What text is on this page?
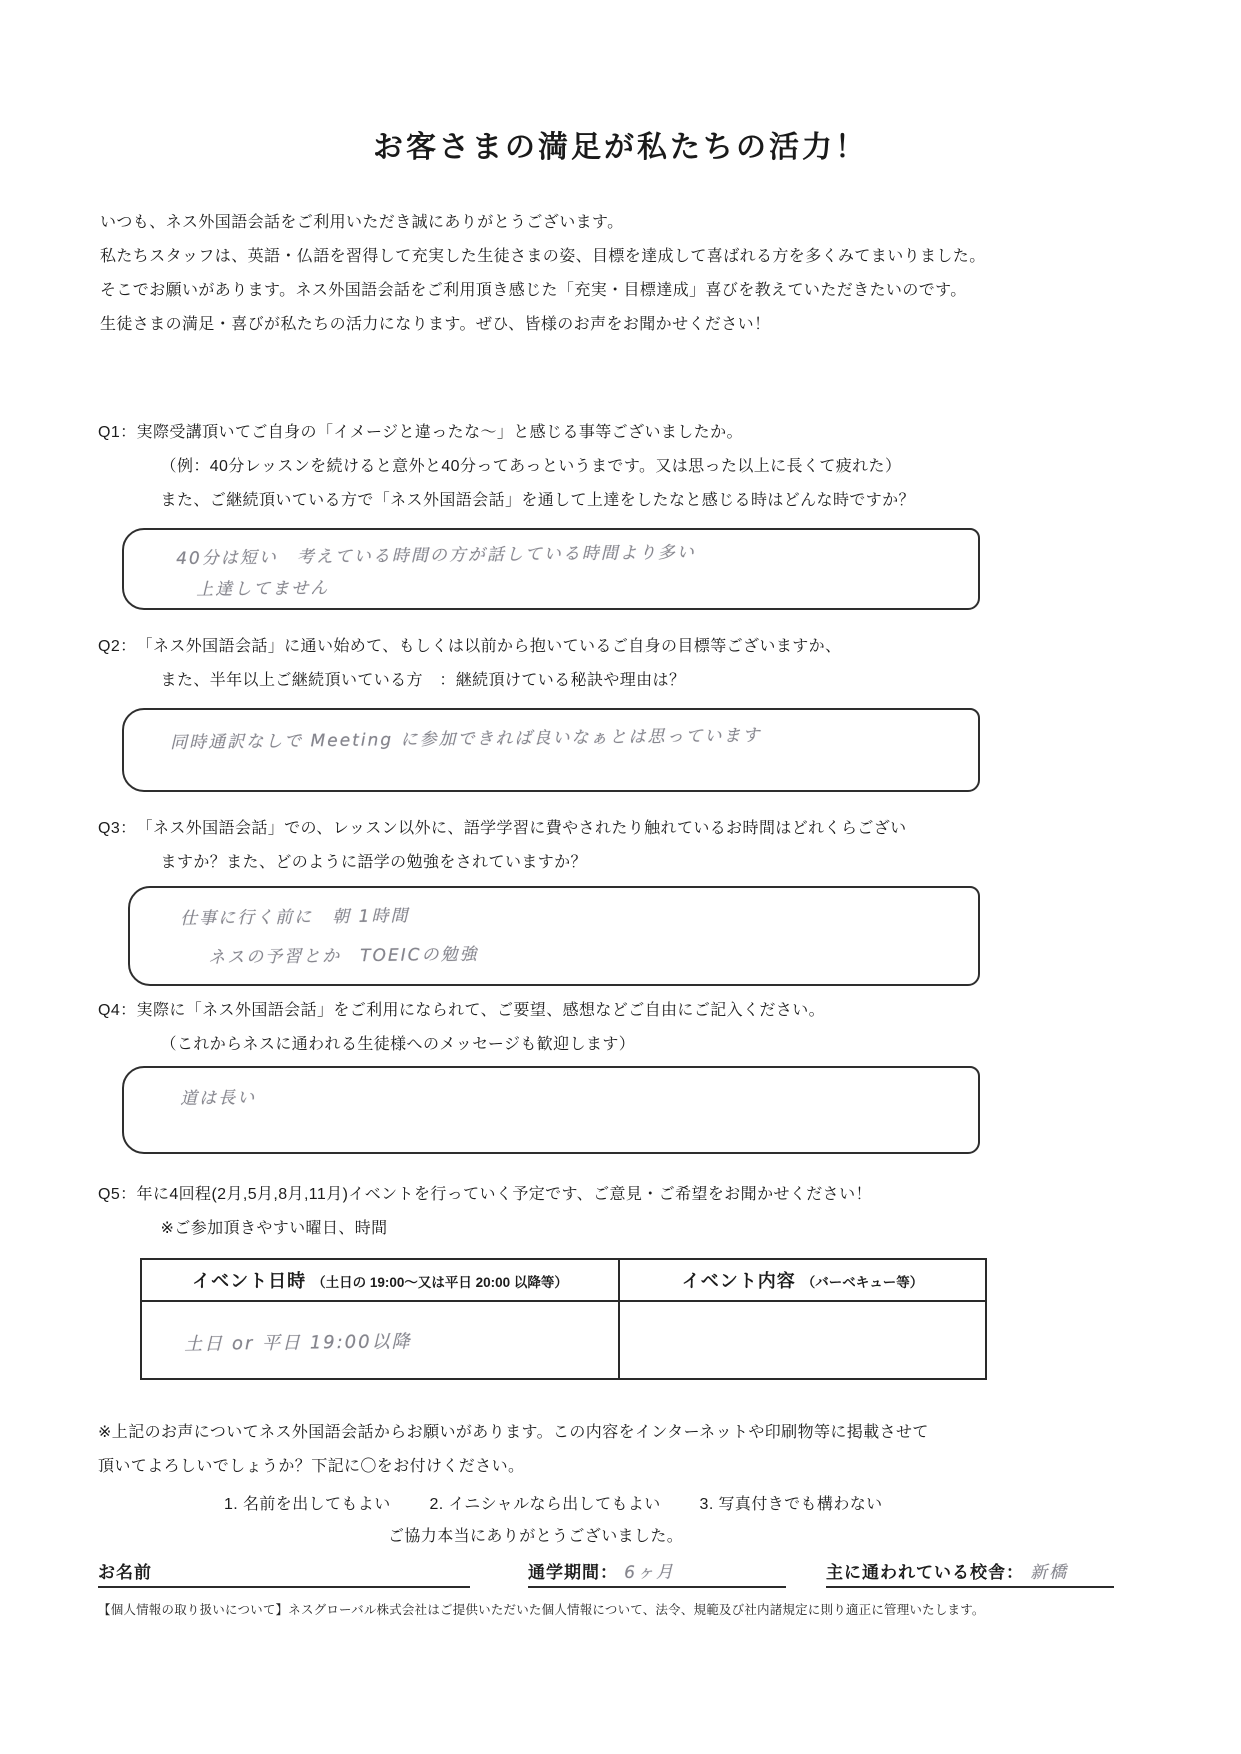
お客さまの満足が私たちの活力！
いつも、ネス外国語会話をご利用いただき誠にありがとうございます。
私たちスタッフは、英語・仏語を習得して充実した生徒さまの姿、目標を達成して喜ばれる方を多くみてまいりました。
そこでお願いがあります。ネス外国語会話をご利用頂き感じた「充実・目標達成」喜びを教えていただきたいのです。
生徒さまの満足・喜びが私たちの活力になります。ぜひ、皆様のお声をお聞かせください！
Q1： 実際受講頂いてご自身の「イメージと違ったな～」と感じる事等ございましたか。
（例：40分レッスンを続けると意外と40分ってあっというまです。又は思った以上に長くて疲れた）
また、ご継続頂いている方で「ネス外国語会話」を通して上達をしたなと感じる時はどんな時ですか？
40分は短い　考えている時間の方が話している時間より多い
上達してません
Q2： 「ネス外国語会話」に通い始めて、もしくは以前から抱いているご自身の目標等ございますか、
また、半年以上ご継続頂いている方　：継続頂けている秘訣や理由は？
同時通訳なしで Meeting に参加できれば良いなぁとは思っています
Q3： 「ネス外国語会話」での、レッスン以外に、語学学習に費やされたり触れているお時間はどれくらござい
ますか？また、どのように語学の勉強をされていますか？
仕事に行く前に　朝 1時間
ネスの予習とか　TOEICの勉強
Q4： 実際に「ネス外国語会話」をご利用になられて、ご要望、感想などご自由にご記入ください。
（これからネスに通われる生徒様へのメッセージも歓迎します）
道は長い
Q5： 年に4回程(2月,5月,8月,11月)イベントを行っていく予定です、ご意見・ご希望をお聞かせください！
※ご参加頂きやすい曜日、時間
イベント日時 （土日の 19:00～又は平日 20:00 以降等）	イベント内容 （バーベキュー等）

土日 or 平日 19:00以降	

※上記のお声についてネス外国語会話からお願いがあります。この内容をインターネットや印刷物等に掲載させて
頂いてよろしいでしょうか？下記に〇をお付けください。
1. 名前を出してもよい 2. イニシャルなら出してもよい 3. 写真付きでも構わない
ご協力本当にありがとうございました。
お名前	通学期間： 6ヶ月	主に通われている校舎： 新橋
【個人情報の取り扱いについて】ネスグローバル株式会社はご提供いただいた個人情報について、法令、規範及び社内諸規定に則り適正に管理いたします。
